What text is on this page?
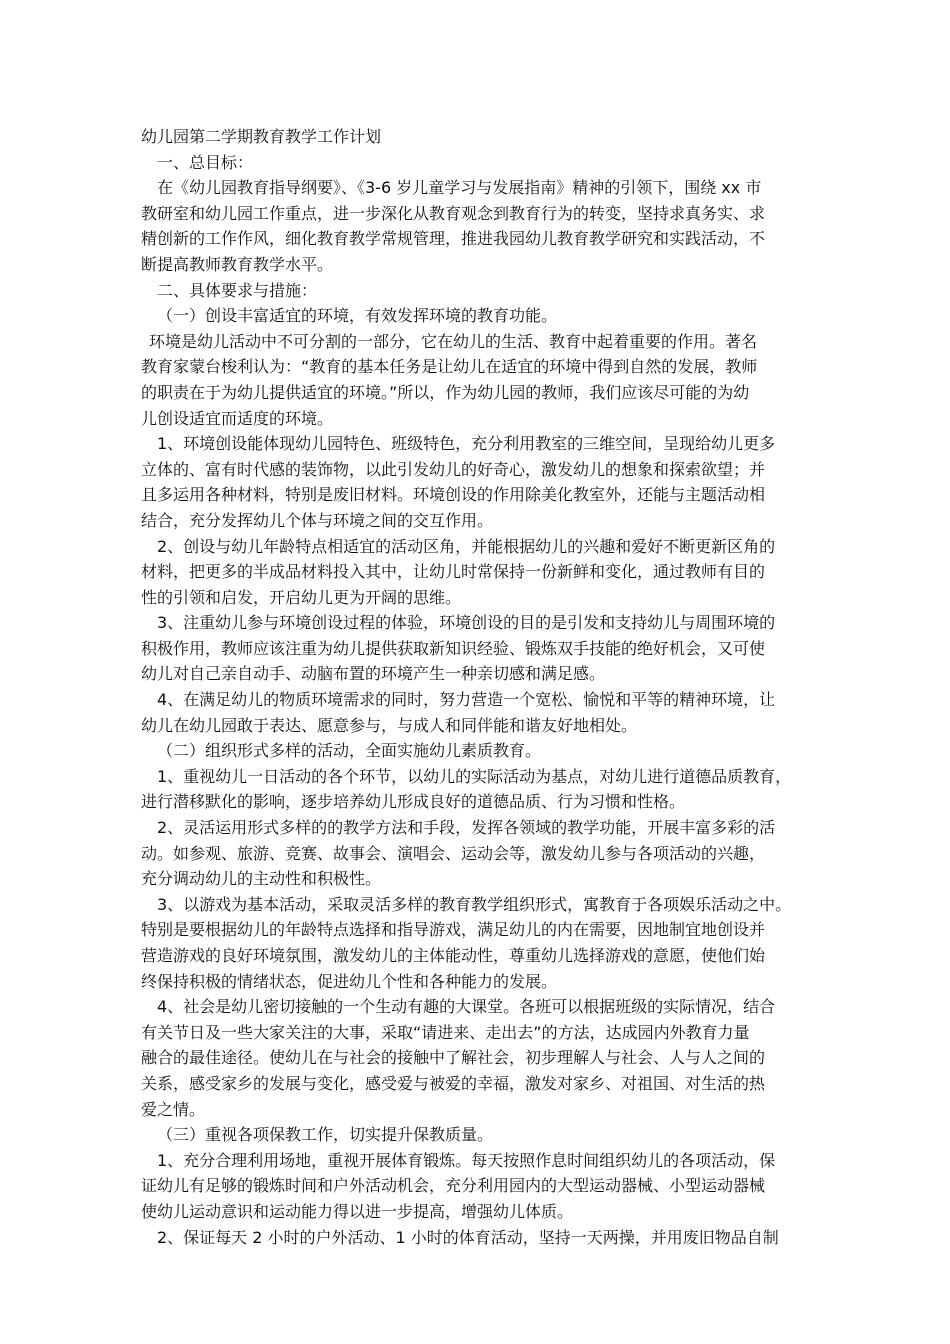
幼儿园第二学期教育教学工作计划
一、总目标：
在《幼儿园教育指导纲要》、《3-6 岁儿童学习与发展指南》精神的引领下，围绕 xx 市
教研室和幼儿园工作重点，进一步深化从教育观念到教育行为的转变，坚持求真务实、求
精创新的工作作风，细化教育教学常规管理，推进我园幼儿教育教学研究和实践活动，不
断提高教师教育教学水平。
二、具体要求与措施：
（一）创设丰富适宜的环境，有效发挥环境的教育功能。
环境是幼儿活动中不可分割的一部分，它在幼儿的生活、教育中起着重要的作用。著名
教育家蒙台梭利认为：“教育的基本任务是让幼儿在适宜的环境中得到自然的发展，教师
的职责在于为幼儿提供适宜的环境。”所以，作为幼儿园的教师，我们应该尽可能的为幼
儿创设适宜而适度的环境。
1、环境创设能体现幼儿园特色、班级特色，充分利用教室的三维空间，呈现给幼儿更多
立体的、富有时代感的装饰物，以此引发幼儿的好奇心，激发幼儿的想象和探索欲望；并
且多运用各种材料，特别是废旧材料。环境创设的作用除美化教室外，还能与主题活动相
结合，充分发挥幼儿个体与环境之间的交互作用。
2、创设与幼儿年龄特点相适宜的活动区角，并能根据幼儿的兴趣和爱好不断更新区角的
材料，把更多的半成品材料投入其中，让幼儿时常保持一份新鲜和变化，通过教师有目的
性的引领和启发，开启幼儿更为开阔的思维。
3、注重幼儿参与环境创设过程的体验，环境创设的目的是引发和支持幼儿与周围环境的
积极作用，教师应该注重为幼儿提供获取新知识经验、锻炼双手技能的绝好机会，又可使
幼儿对自己亲自动手、动脑布置的环境产生一种亲切感和满足感。
4、在满足幼儿的物质环境需求的同时，努力营造一个宽松、愉悦和平等的精神环境，让
幼儿在幼儿园敢于表达、愿意参与，与成人和同伴能和谐友好地相处。
（二）组织形式多样的活动，全面实施幼儿素质教育。
1、重视幼儿一日活动的各个环节，以幼儿的实际活动为基点，对幼儿进行道德品质教育，
进行潜移默化的影响，逐步培养幼儿形成良好的道德品质、行为习惯和性格。
2、灵活运用形式多样的的教学方法和手段，发挥各领域的教学功能，开展丰富多彩的活
动。如参观、旅游、竞赛、故事会、演唱会、运动会等，激发幼儿参与各项活动的兴趣，
充分调动幼儿的主动性和积极性。
3、以游戏为基本活动，采取灵活多样的教育教学组织形式，寓教育于各项娱乐活动之中。
特别是要根据幼儿的年龄特点选择和指导游戏，满足幼儿的内在需要，因地制宜地创设并
营造游戏的良好环境氛围，激发幼儿的主体能动性，尊重幼儿选择游戏的意愿，使他们始
终保持积极的情绪状态，促进幼儿个性和各种能力的发展。
4、社会是幼儿密切接触的一个生动有趣的大课堂。各班可以根据班级的实际情况，结合
有关节日及一些大家关注的大事，采取“请进来、走出去”的方法，达成园内外教育力量
融合的最佳途径。使幼儿在与社会的接触中了解社会，初步理解人与社会、人与人之间的
关系，感受家乡的发展与变化，感受爱与被爱的幸福，激发对家乡、对祖国、对生活的热
爱之情。
（三）重视各项保教工作，切实提升保教质量。
1、充分合理利用场地，重视开展体育锻炼。每天按照作息时间组织幼儿的各项活动，保
证幼儿有足够的锻炼时间和户外活动机会，充分利用园内的大型运动器械、小型运动器械
使幼儿运动意识和运动能力得以进一步提高，增强幼儿体质。
2、保证每天 2 小时的户外活动、1 小时的体育活动，坚持一天两操，并用废旧物品自制
